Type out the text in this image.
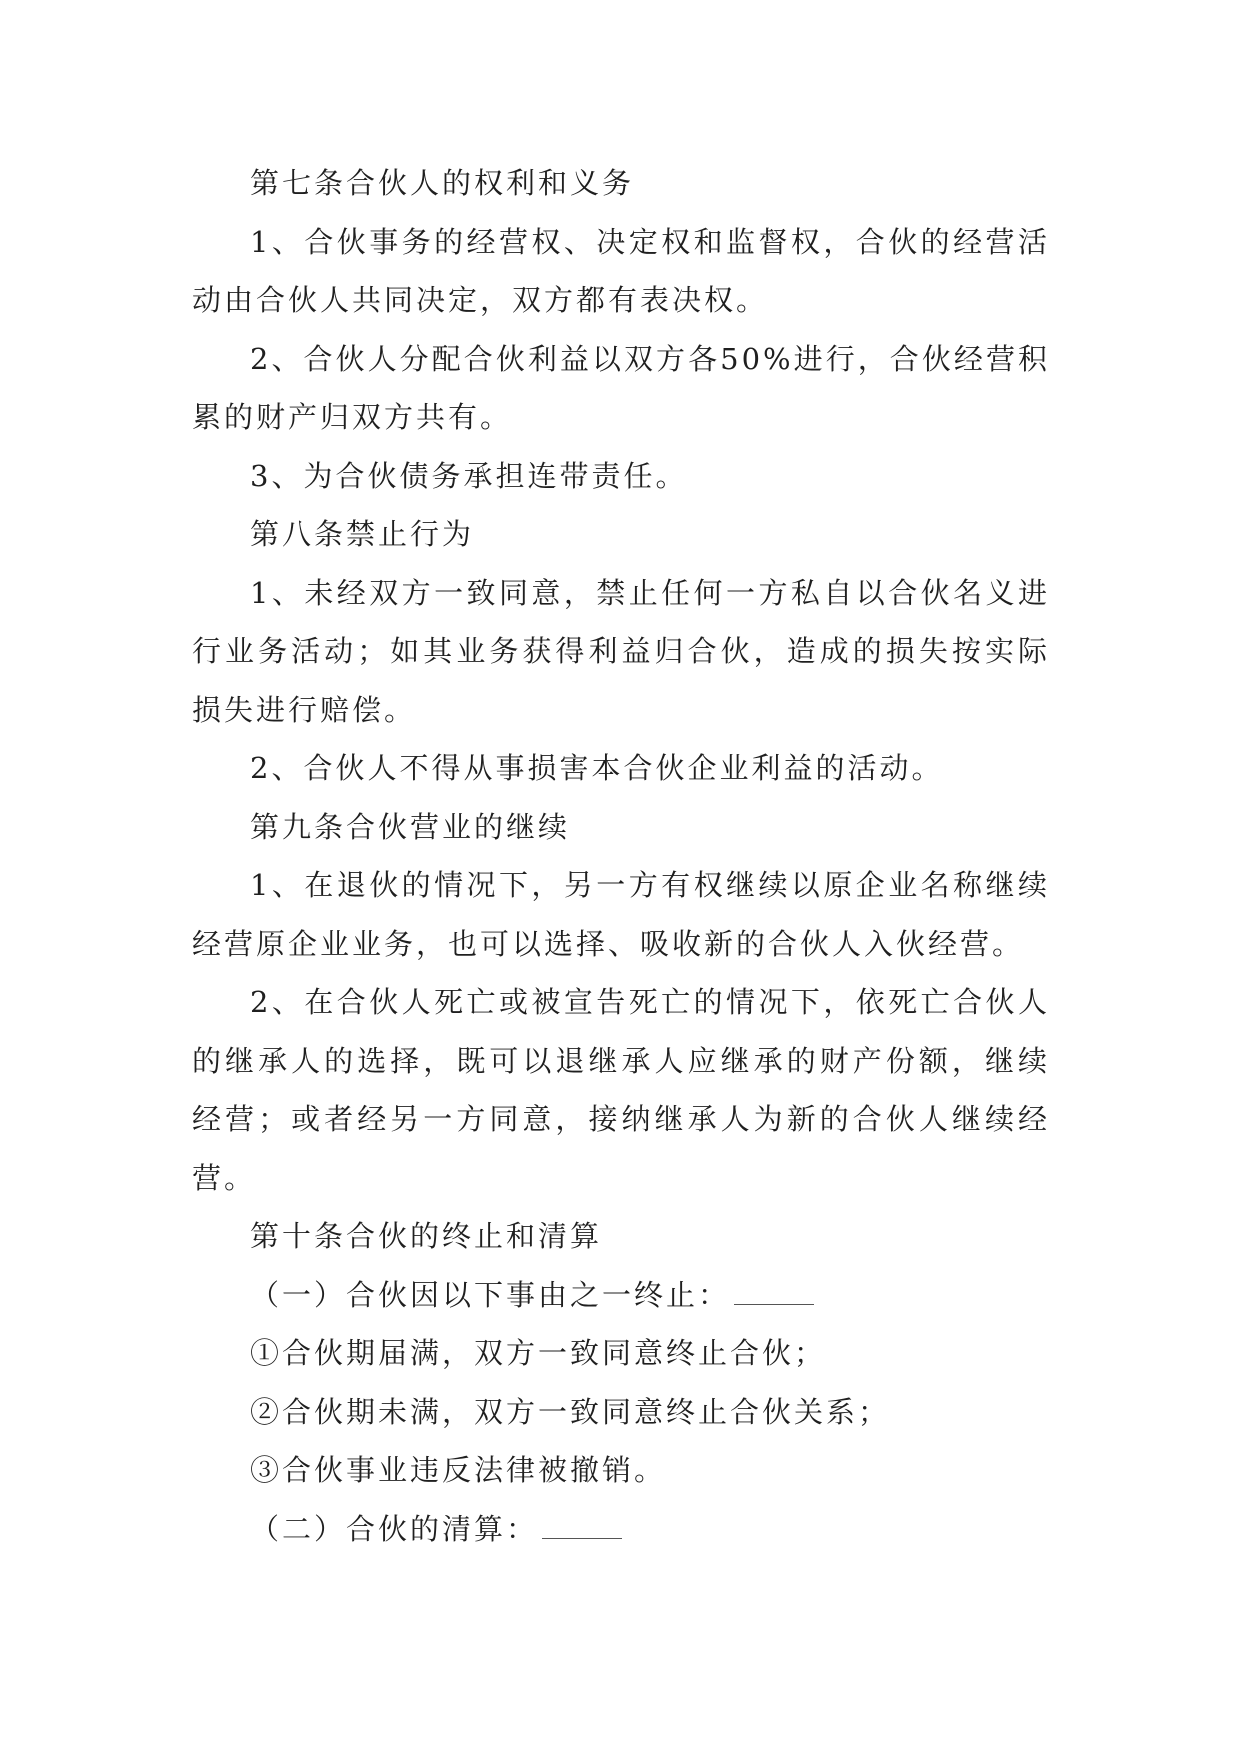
第七条合伙人的权利和义务

1、合伙事务的经营权、决定权和监督权，合伙的经营活动由合伙人共同决定，双方都有表决权。

2、合伙人分配合伙利益以双方各50%进行，合伙经营积累的财产归双方共有。

3、为合伙债务承担连带责任。

第八条禁止行为

1、未经双方一致同意，禁止任何一方私自以合伙名义进行业务活动；如其业务获得利益归合伙，造成的损失按实际损失进行赔偿。

2、合伙人不得从事损害本合伙企业利益的活动。

第九条合伙营业的继续

1、在退伙的情况下，另一方有权继续以原企业名称继续经营原企业业务，也可以选择、吸收新的合伙人入伙经营。

2、在合伙人死亡或被宣告死亡的情况下，依死亡合伙人的继承人的选择，既可以退继承人应继承的财产份额，继续经营；或者经另一方同意，接纳继承人为新的合伙人继续经营。

第十条合伙的终止和清算

（一）合伙因以下事由之一终止：

①合伙期届满，双方一致同意终止合伙；

②合伙期未满，双方一致同意终止合伙关系；

③合伙事业违反法律被撤销。

（二）合伙的清算：
